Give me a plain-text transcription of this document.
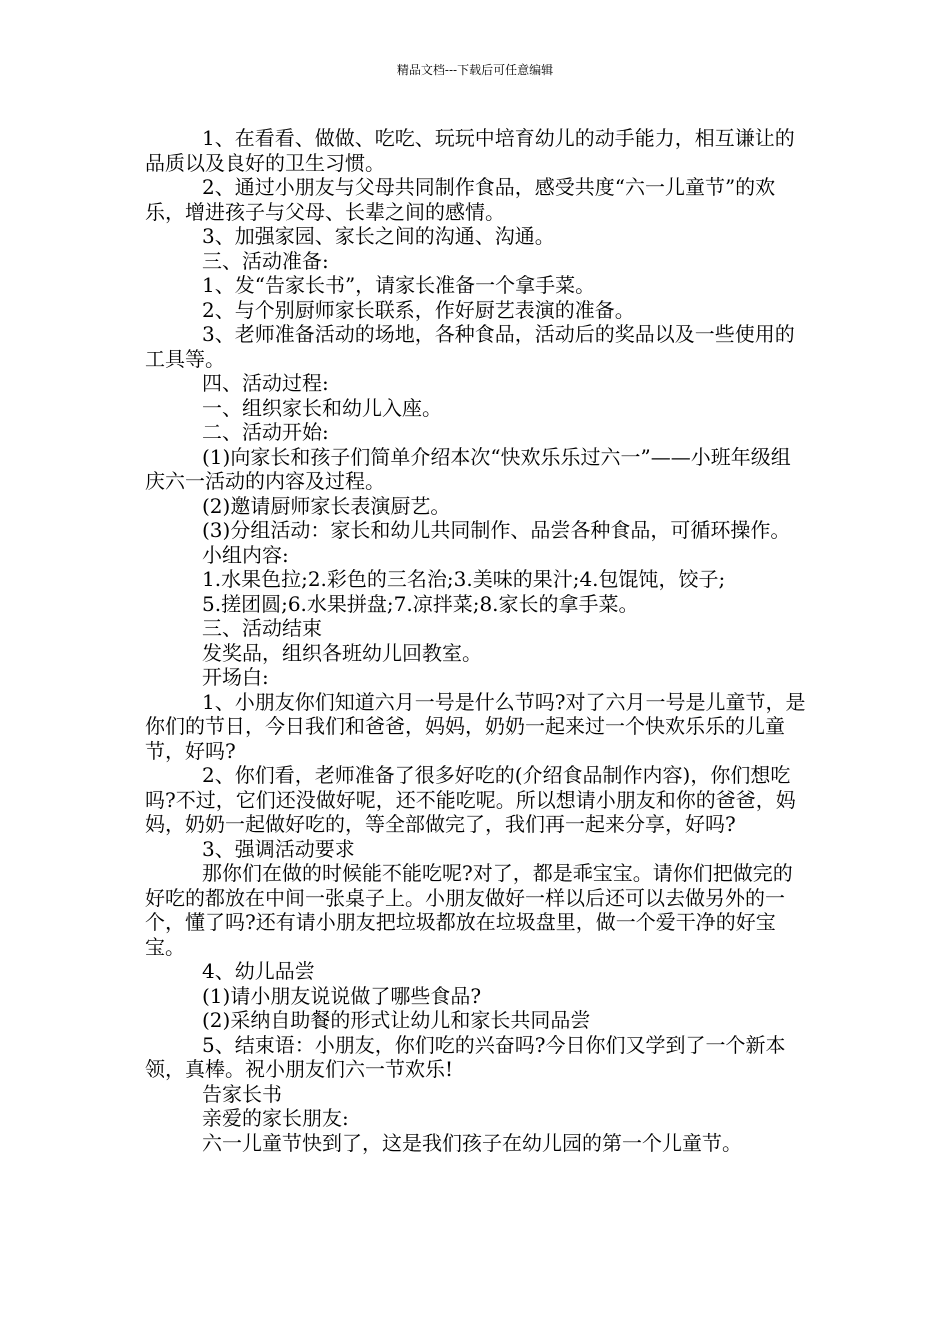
精品文档---下载后可任意编辑

1、在看看、做做、吃吃、玩玩中培育幼儿的动手能力，相互谦让的品质以及良好的卫生习惯。

2、通过小朋友与父母共同制作食品，感受共度“六一儿童节”的欢乐，增进孩子与父母、长辈之间的感情。

3、加强家园、家长之间的沟通、沟通。

三、活动准备:

1、发“告家长书”，请家长准备一个拿手菜。

2、与个别厨师家长联系，作好厨艺表演的准备。

3、老师准备活动的场地，各种食品，活动后的奖品以及一些使用的工具等。

四、活动过程:

一、组织家长和幼儿入座。

二、活动开始:

(1)向家长和孩子们简单介绍本次“快欢乐乐过六一”——小班年级组庆六一活动的内容及过程。

(2)邀请厨师家长表演厨艺。

(3)分组活动：家长和幼儿共同制作、品尝各种食品，可循环操作。

小组内容:

1.水果色拉;2.彩色的三名治;3.美味的果汁;4.包馄饨，饺子;

5.搓团圆;6.水果拼盘;7.凉拌菜;8.家长的拿手菜。

三、活动结束

发奖品，组织各班幼儿回教室。

开场白:

1、小朋友你们知道六月一号是什么节吗?对了六月一号是儿童节，是你们的节日，今日我们和爸爸，妈妈，奶奶一起来过一个快欢乐乐的儿童节，好吗?

2、你们看，老师准备了很多好吃的(介绍食品制作内容)，你们想吃吗?不过，它们还没做好呢，还不能吃呢。所以想请小朋友和你的爸爸，妈妈，奶奶一起做好吃的，等全部做完了，我们再一起来分享，好吗?

3、强调活动要求

那你们在做的时候能不能吃呢?对了，都是乖宝宝。请你们把做完的好吃的都放在中间一张桌子上。小朋友做好一样以后还可以去做另外的一个，懂了吗?还有请小朋友把垃圾都放在垃圾盘里，做一个爱干净的好宝宝。

4、幼儿品尝

(1)请小朋友说说做了哪些食品?

(2)采纳自助餐的形式让幼儿和家长共同品尝

5、结束语：小朋友，你们吃的兴奋吗?今日你们又学到了一个新本领，真棒。祝小朋友们六一节欢乐!

告家长书

亲爱的家长朋友:

六一儿童节快到了，这是我们孩子在幼儿园的第一个儿童节。
